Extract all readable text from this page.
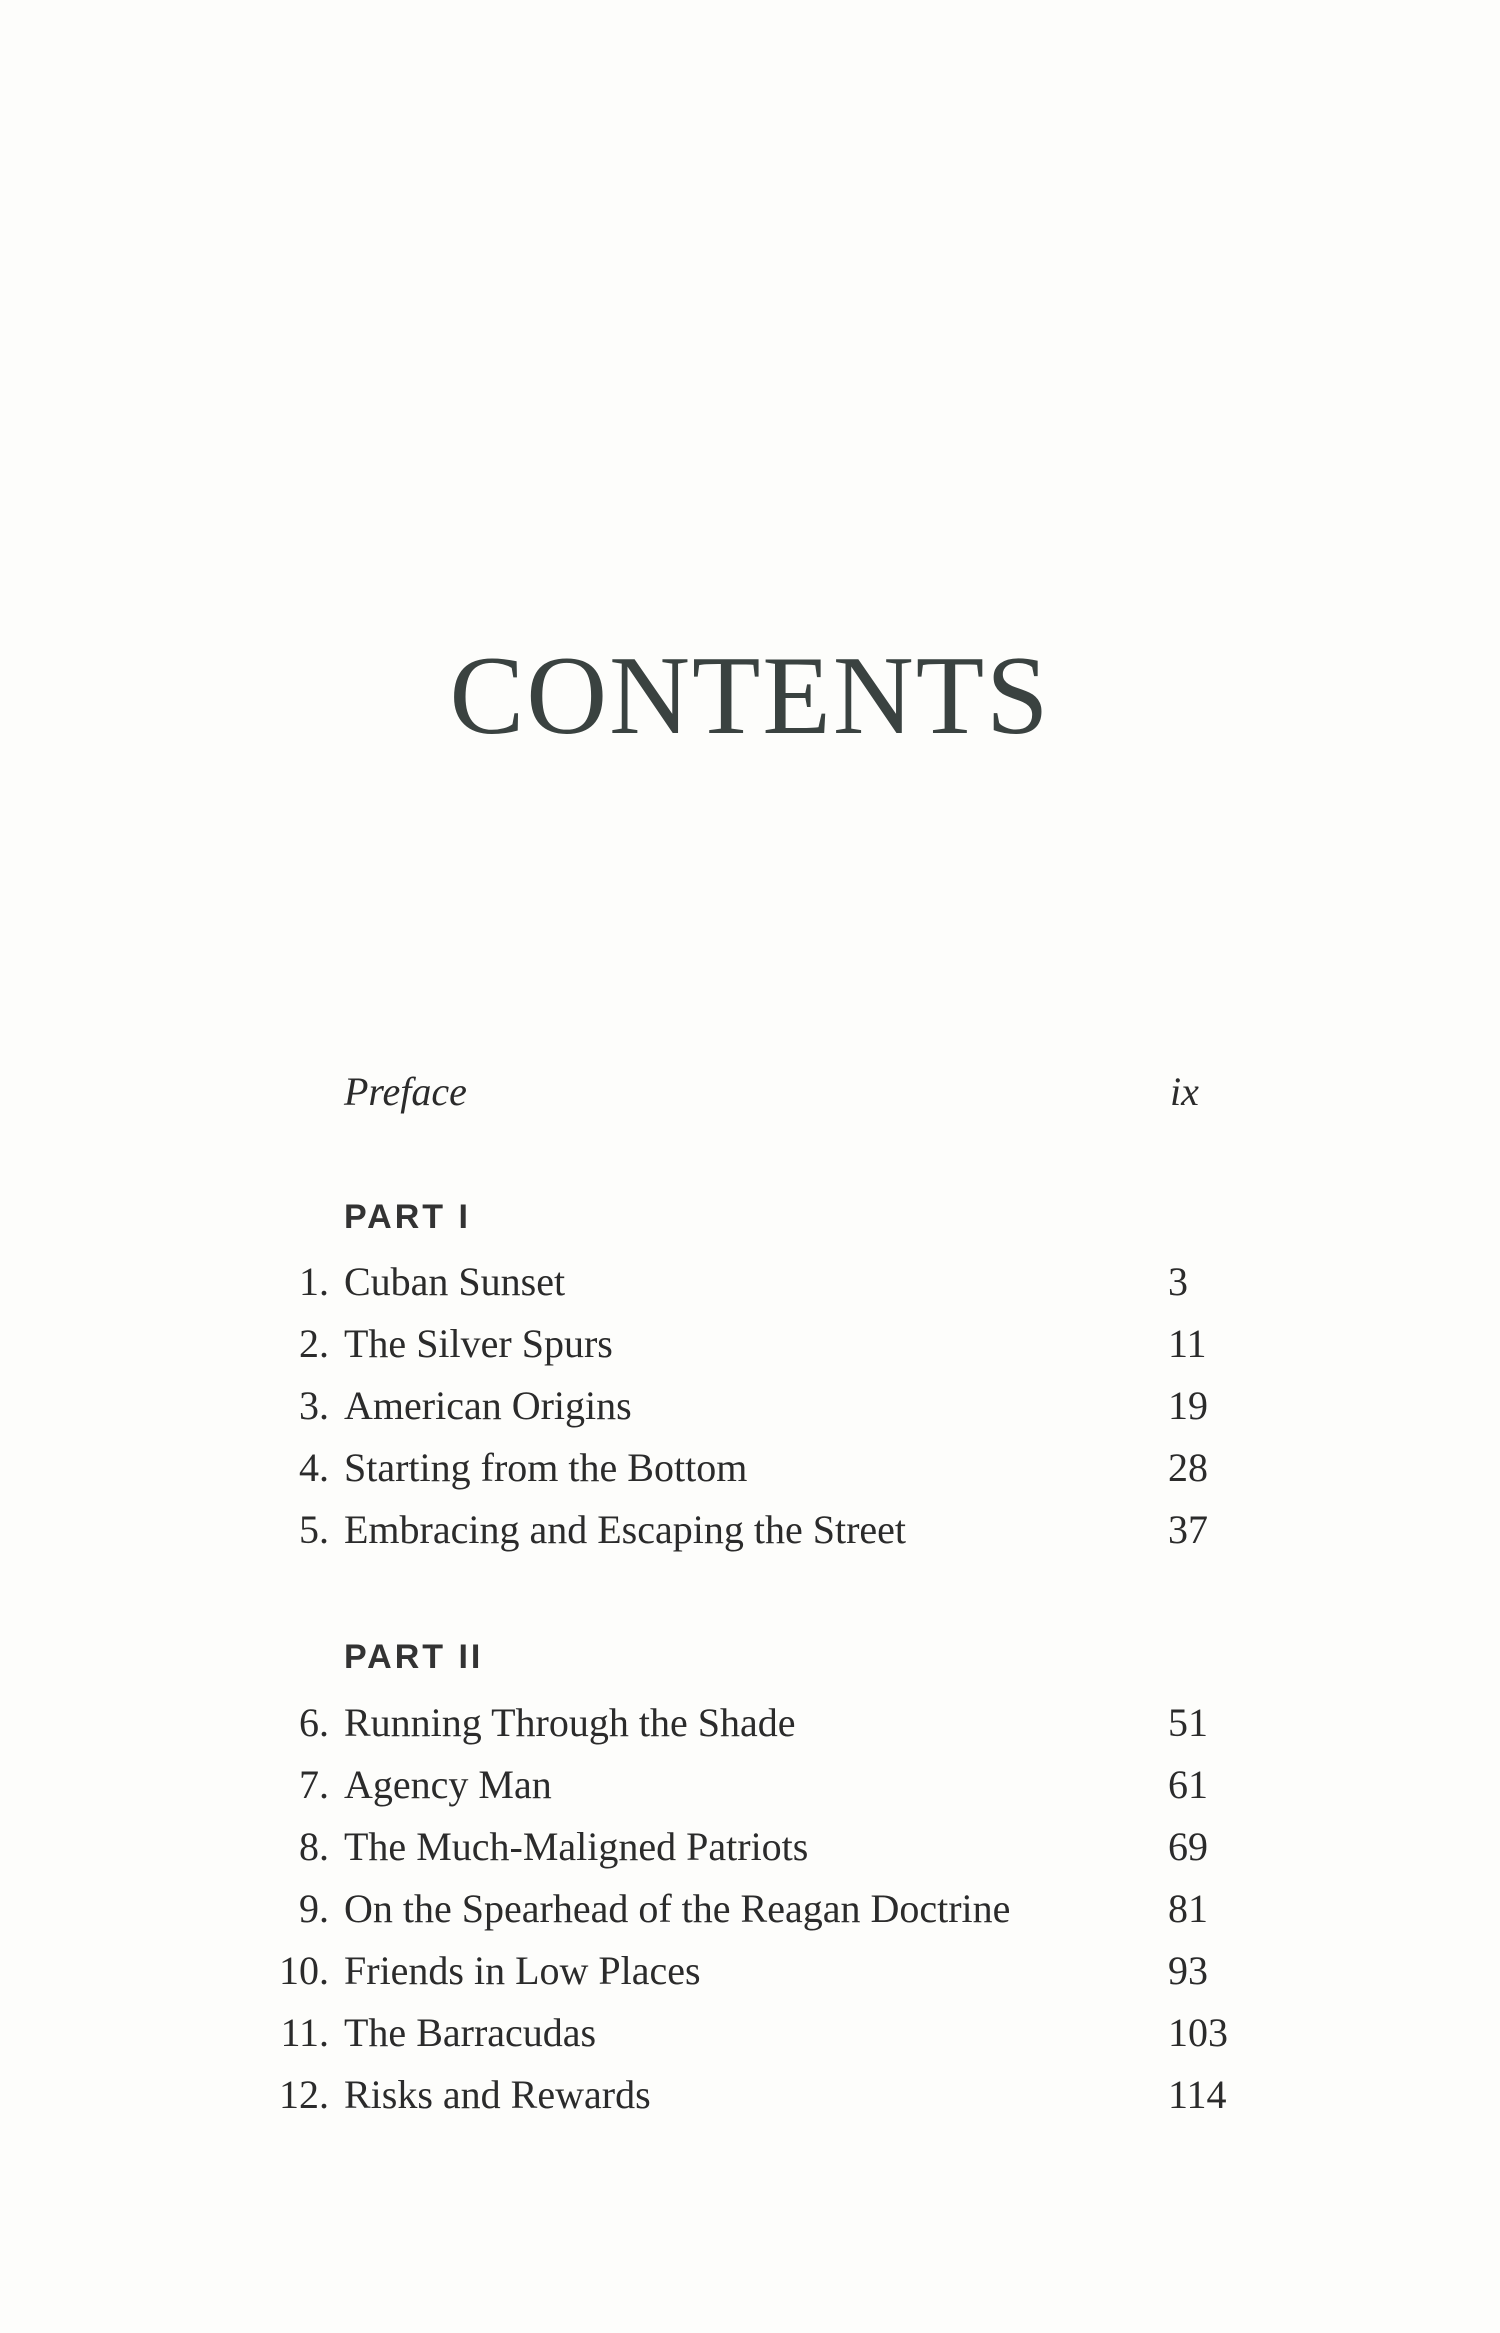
CONTENTS
Preface	ix
PART I
1. Cuban Sunset	3
2. The Silver Spurs	11
3. American Origins	19
4. Starting from the Bottom	28
5. Embracing and Escaping the Street	37
PART II
6. Running Through the Shade	51
7. Agency Man	61
8. The Much-Maligned Patriots	69
9. On the Spearhead of the Reagan Doctrine	81
10. Friends in Low Places	93
11. The Barracudas	103
12. Risks and Rewards	114
